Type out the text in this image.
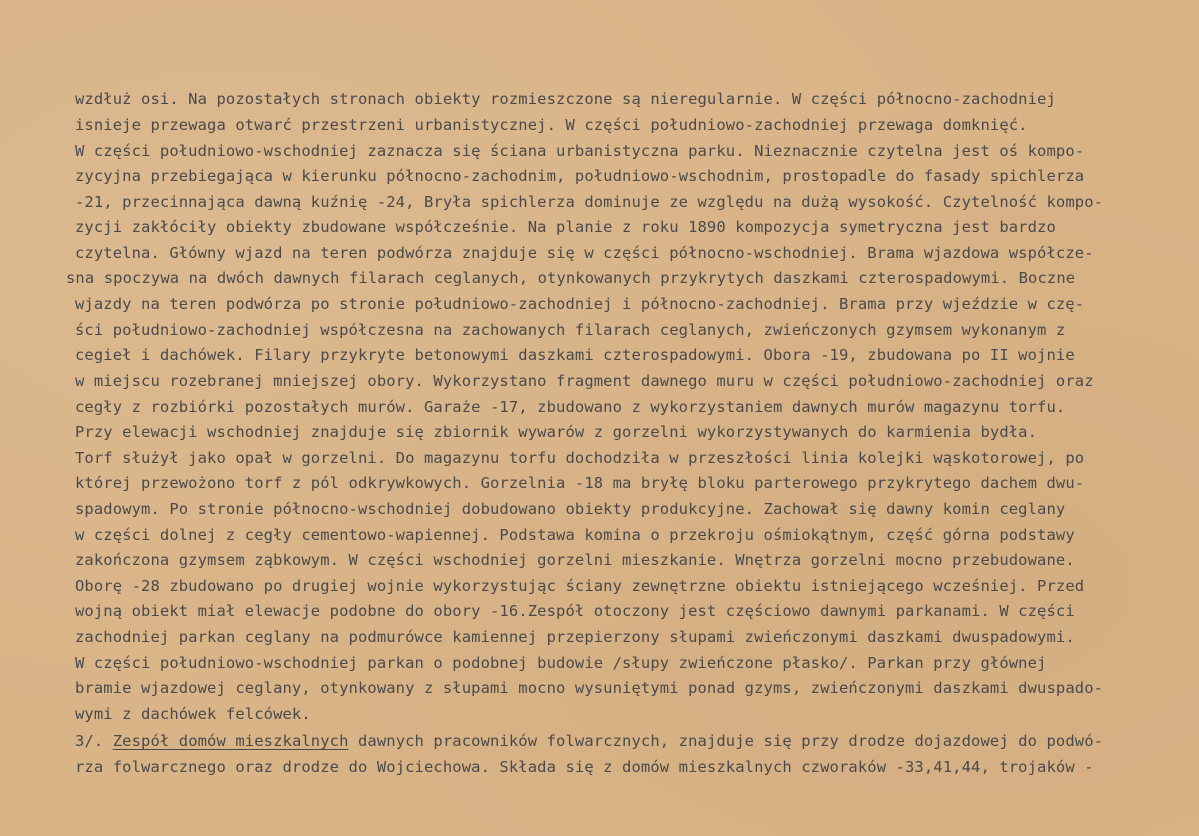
wzdłuż osi. Na pozostałych stronach obiekty rozmieszczone są nieregularnie. W części północno-zachodniej
isnieje przewaga otwarć przestrzeni urbanistycznej. W części południowo-zachodniej przewaga domknięć.
W części południowo-wschodniej zaznacza się ściana urbanistyczna parku. Nieznacznie czytelna jest oś kompo-
zycyjna przebiegająca w kierunku północno-zachodnim, południowo-wschodnim, prostopadle do fasady spichlerza
-21, przecinnająca dawną kuźnię -24, Bryła spichlerza dominuje ze względu na dużą wysokość. Czytelność kompo-
zycji zakłóciły obiekty zbudowane współcześnie. Na planie z roku 1890 kompozycja symetryczna jest bardzo
czytelna. Główny wjazd na teren podwórza znajduje się w części północno-wschodniej. Brama wjazdowa współcze-
sna spoczywa na dwóch dawnych filarach ceglanych, otynkowanych przykrytych daszkami czterospadowymi. Boczne
wjazdy na teren podwórza po stronie południowo-zachodniej i północno-zachodniej. Brama przy wjeździe w czę-
ści południowo-zachodniej współczesna na zachowanych filarach ceglanych, zwieńczonych gzymsem wykonanym z
cegieł i dachówek. Filary przykryte betonowymi daszkami czterospadowymi. Obora -19, zbudowana po II wojnie
w miejscu rozebranej mniejszej obory. Wykorzystano fragment dawnego muru w części południowo-zachodniej oraz
cegły z rozbiórki pozostałych murów. Garaże -17, zbudowano z wykorzystaniem dawnych murów magazynu torfu.
Przy elewacji wschodniej znajduje się zbiornik wywarów z gorzelni wykorzystywanych do karmienia bydła.
Torf służył jako opał w gorzelni. Do magazynu torfu dochodziła w przeszłości linia kolejki wąskotorowej, po
której przewożono torf z pól odkrywkowych. Gorzelnia -18 ma bryłę bloku parterowego przykrytego dachem dwu-
spadowym. Po stronie północno-wschodniej dobudowano obiekty produkcyjne. Zachował się dawny komin ceglany
w części dolnej z cegły cementowo-wapiennej. Podstawa komina o przekroju ośmiokątnym, część górna podstawy
zakończona gzymsem ząbkowym. W części wschodniej gorzelni mieszkanie. Wnętrza gorzelni mocno przebudowane.
Oborę -28 zbudowano po drugiej wojnie wykorzystując ściany zewnętrzne obiektu istniejącego wcześniej. Przed
wojną obiekt miał elewacje podobne do obory -16.Zespół otoczony jest częściowo dawnymi parkanami. W części
zachodniej parkan ceglany na podmurówce kamiennej przepierzony słupami zwieńczonymi daszkami dwuspadowymi.
W części południowo-wschodniej parkan o podobnej budowie /słupy zwieńczone płasko/. Parkan przy głównej
bramie wjazdowej ceglany, otynkowany z słupami mocno wysuniętymi ponad gzyms, zwieńczonymi daszkami dwuspado-
wymi z dachówek felcówek.
3/. Zespół domów mieszkalnych dawnych pracowników folwarcznych, znajduje się przy drodze dojazdowej do podwó-
rza folwarcznego oraz drodze do Wojciechowa. Składa się z domów mieszkalnych czworaków -33,41,44, trojaków -
